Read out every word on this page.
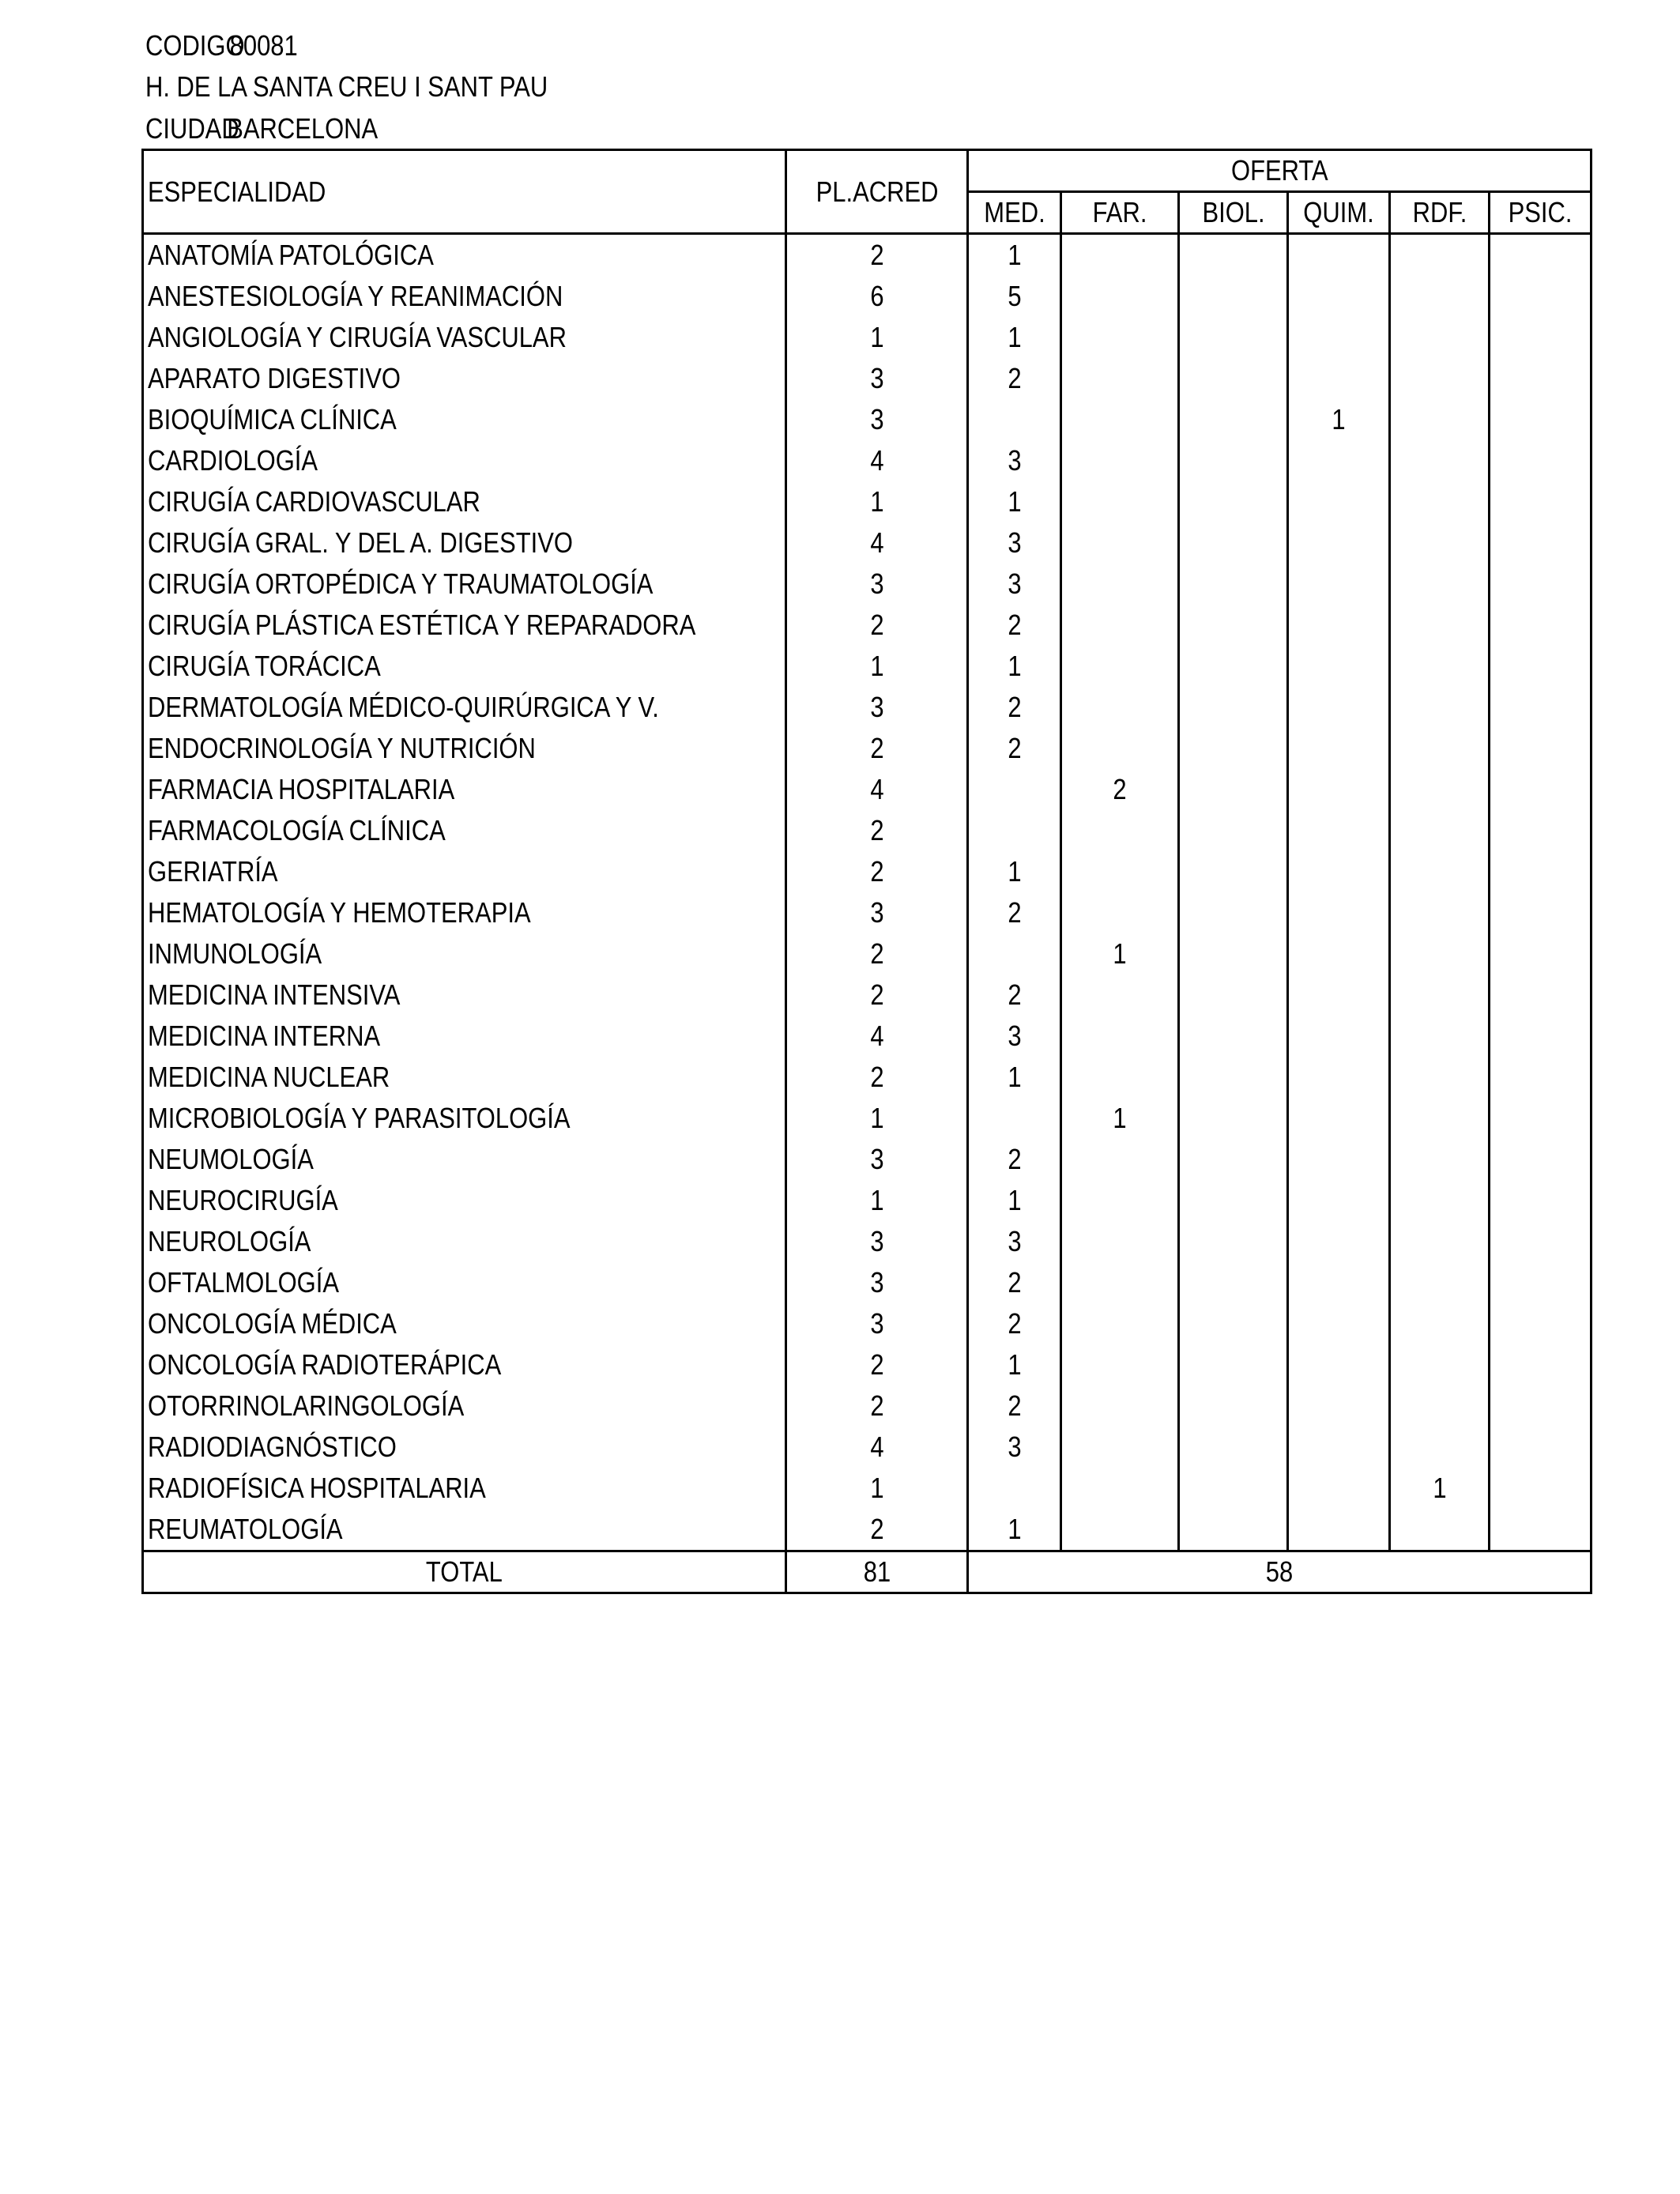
CODIGO
80081
H. DE LA SANTA CREU I SANT PAU
CIUDAD
BARCELONA
ESPECIALIDAD	PL.ACRED	OFERTA					
		MED.	FAR.	BIOL.	QUIM.	RDF.	PSIC.
ANATOMÍA PATOLÓGICA	2	1					
ANESTESIOLOGÍA Y REANIMACIÓN	6	5					
ANGIOLOGÍA Y CIRUGÍA VASCULAR	1	1					
APARATO DIGESTIVO	3	2					
BIOQUÍMICA CLÍNICA	3				1		
CARDIOLOGÍA	4	3					
CIRUGÍA CARDIOVASCULAR	1	1					
CIRUGÍA GRAL. Y DEL A. DIGESTIVO	4	3					
CIRUGÍA ORTOPÉDICA Y TRAUMATOLOGÍA	3	3					
CIRUGÍA PLÁSTICA ESTÉTICA Y REPARADORA	2	2					
CIRUGÍA TORÁCICA	1	1					
DERMATOLOGÍA MÉDICO-QUIRÚRGICA Y V.	3	2					
ENDOCRINOLOGÍA Y NUTRICIÓN	2	2					
FARMACIA HOSPITALARIA	4		2				
FARMACOLOGÍA CLÍNICA	2						
GERIATRÍA	2	1					
HEMATOLOGÍA Y HEMOTERAPIA	3	2					
INMUNOLOGÍA	2		1				
MEDICINA INTENSIVA	2	2					
MEDICINA INTERNA	4	3					
MEDICINA NUCLEAR	2	1					
MICROBIOLOGÍA Y PARASITOLOGÍA	1		1				
NEUMOLOGÍA	3	2					
NEUROCIRUGÍA	1	1					
NEUROLOGÍA	3	3					
OFTALMOLOGÍA	3	2					
ONCOLOGÍA MÉDICA	3	2					
ONCOLOGÍA RADIOTERÁPICA	2	1					
OTORRINOLARINGOLOGÍA	2	2					
RADIODIAGNÓSTICO	4	3					
RADIOFÍSICA HOSPITALARIA	1					1	
REUMATOLOGÍA	2	1					
TOTAL	81	58					
